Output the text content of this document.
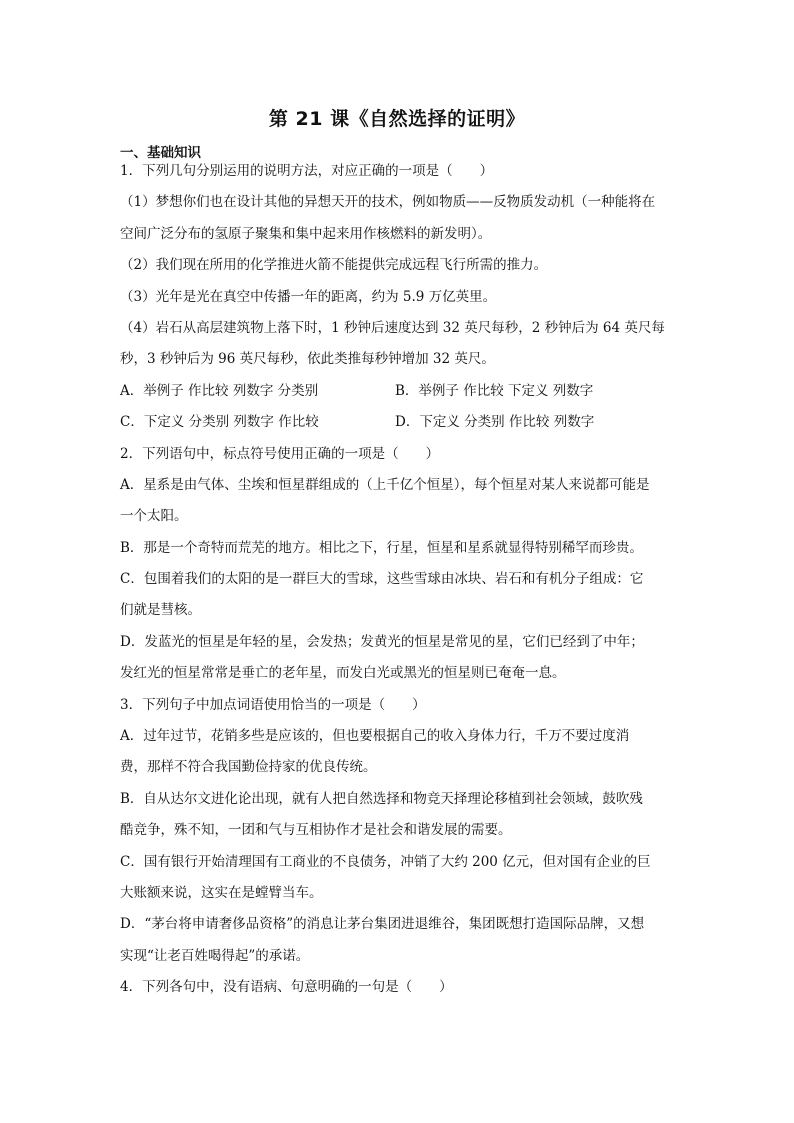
第 21 课《自然选择的证明》
一、基础知识
1．下列几句分别运用的说明方法，对应正确的一项是（　　）
（1）梦想你们也在设计其他的异想天开的技术，例如物质——反物质发动机（一种能将在
空间广泛分布的氢原子聚集和集中起来用作核燃料的新发明）。
（2）我们现在所用的化学推进火箭不能提供完成远程飞行所需的推力。
（3）光年是光在真空中传播一年的距离，约为 5.9 万亿英里。
（4）岩石从高层建筑物上落下时，1 秒钟后速度达到 32 英尺每秒，2 秒钟后为 64 英尺每
秒，3 秒钟后为 96 英尺每秒，依此类推每秒钟增加 32 英尺。
A．举例子 作比较 列数字 分类别	B．举例子 作比较 下定义 列数字
C．下定义 分类别 列数字 作比较	D．下定义 分类别 作比较 列数字
2．下列语句中，标点符号使用正确的一项是（　　）
A．星系是由气体、尘埃和恒星群组成的（上千亿个恒星），每个恒星对某人来说都可能是
一个太阳。
B．那是一个奇特而荒芜的地方。相比之下，行星，恒星和星系就显得特别稀罕而珍贵。
C．包围着我们的太阳的是一群巨大的雪球，这些雪球由冰块、岩石和有机分子组成：它
们就是彗核。
D．发蓝光的恒星是年轻的星，会发热；发黄光的恒星是常见的星，它们已经到了中年；
发红光的恒星常常是垂亡的老年星，而发白光或黑光的恒星则已奄奄一息。
3．下列句子中加点词语使用恰当的一项是（　　）
A．过年过节，花销多些是应该的，但也要根据自己的收入身体力行，千万不要过度消
费，那样不符合我国勤俭持家的优良传统。
B．自从达尔文进化论出现，就有人把自然选择和物竞天择理论移植到社会领域，鼓吹残
酷竞争，殊不知，一团和气与互相协作才是社会和谐发展的需要。
C．国有银行开始清理国有工商业的不良债务，冲销了大约 200 亿元，但对国有企业的巨
大账额来说，这实在是螳臂当车。
D．“茅台将申请奢侈品资格”的消息让茅台集团进退维谷，集团既想打造国际品牌，又想
实现“让老百姓喝得起”的承诺。
4．下列各句中，没有语病、句意明确的一句是（　　）
